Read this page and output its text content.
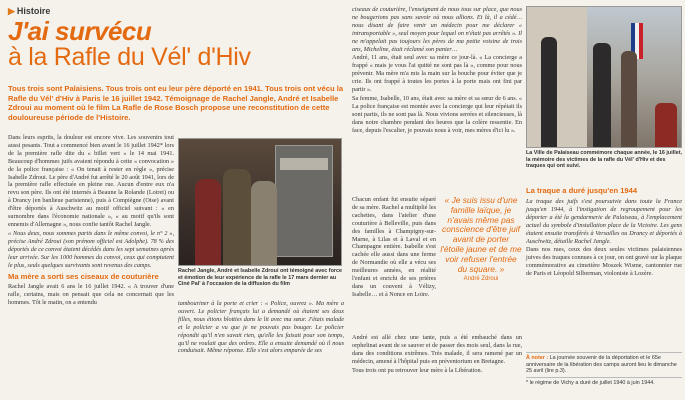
▶ Histoire
J'ai survécu
à la Rafle du Vél' d'Hiv
Tous trois sont Palaisiens. Tous trois ont eu leur père déporté en 1941. Tous trois ont vécu la Rafle du Vél' d'Hiv à Paris le 16 juillet 1942. Témoignage de Rachel Jangle, André et Isabelle Zdroui au moment où le film La Rafle de Rose Bosch propose une reconstitution de cette douloureuse période de l'Histoire.

Dans leurs esprits, la douleur est encore vive. Les souvenirs tout aussi pesants. Tout a commencé bien avant le 16 juillet 1942* lors de la première rafle dite du « billet vert » le 14 mai 1941. Beaucoup d'hommes juifs avaient répondu à cette « convocation » de la police française : « On tenait à rester en règle », précise Isabelle Zdroui. Le père d'André fut arrêté le 20 août 1941, lors de la première rafle effectuée en pleine rue. Aucun d'entre eux n'a revu son père. Ils ont été internés à Beaune la Rolande (Loiret) ou à Drancy (en banlieue parisienne), puis à Compiègne (Oise) avant d'être déportés à Auschwitz au motif officiel suivant : « en surnombre dans l'économie nationale », « au motif qu'ils sont ennemis d'Allemagne », nous confie tantôt Rachel Jangle.

« Nous deux, nous sommes partis dans le même convoi, le n° 2 », précise André Zdroui (son prénom officiel est Adolphe). 78 % des déportés de ce convoi étaient décédés dans les sept semaines après leur arrivée. Sur les 1000 hommes du convoi, ceux qui comptaient le plus, seuls quelques survivants sont revenus des camps.

Ma mère a sorti ses ciseaux de couturière

Rachel Jangle avait 6 ans le 16 juillet 1942. « A trouver d'une rafle, certains, mais on pensait que cela ne concernait que les hommes. Tôt le matin, on a entendu

Rachel Jangle, André et Isabelle Zdroui ont témoigné avec force et émotion de leur expérience de la rafle le 17 mars dernier au Ciné Pal' à l'occasion de la diffusion du film
tambouriner à la porte et crier : « Police, ouvrez ». Ma mère a ouvert. Le policier français lui a demandé où étaient ses deux filles, nous étions blotties dans le lit avec ma sœur. J'étais malade et le policier a vu que je ne pouvais pas bouger. Le policier répondit qu'il n'en savait rien, qu'elle les faisait pour son temps, qu'il ne voulait que des ordres. Elle a ensuite demandé où il nous conduisait. Même réponse. Elle s'est alors emparée de ses

ciseaux de couturière, l'enseignant de nous tous sur place, que nous ne bougerions pas sans savoir où nous allions. Et là, il a cédé… nous disant de faire venir un médecin pour me déclarer « intransportable », seul moyen pour lequel on n'était pas arrêtés ». Il ne m'appelait pas toujours les pères de ma petite voisine de trois ans, Micheline, était réclamé son panier…

André, 11 ans, était seul avec sa mère ce jour-là. « La concierge a frappé « mais je vous l'ai quitté ne sont pas là », comme pour nous prévenir. Ma mère m'a mis la main sur la bouche pour éviter que je crie. Ils ont frappé à toutes les portes à la porte mais ont fini par partir ».

Sa femme, Isabelle, 10 ans, était avec sa mère et sa sœur de 6 ans. « La police française est montée avec la concierge qui leur répétait ils sont partis, ils ne sont pas là. Nous vivions serrées et silencieuses, là dans notre chambre pendant des heures que la colère ressentie. En face, depuis l'escalier, je pouvais nous à voir, mes mères d'ici lu ».

Chacun enfant fut ensuite séparé de sa mère. Rachel a multiplié les cachettes, dans l'atelier d'une couturière à Belleville, puis dans des familles à Champigny-sur-Marne, à Lilas et à Laval et en Champagne entière. Isabelle s'est cachée elle aussi dans une ferme de Normandie où elle a vécu ses meilleures années, en réalité l'enfant et enrichi de ses prières dans un couvent à Vélizy, Isabelle… et à Nonce en Loire.

André est allé chez une tante, puis a été embauché dans un orphelinat avant de se sauver et de passer des mois seul, dans la rue, dans des conditions extrêmes. Très malade, il sera ramené par un médecin, amené à l'hôpital puis en préventorium en Bretagne.

Tous trois ont pu retrouver leur mère à la Libération.

« Je suis issu d'une famille laïque, je n'avais même pas conscience d'être juif avant de porter l'étoile jaune et de me voir refuser l'entrée du square. »
André Zdroui
La Ville de Palaiseau commémore chaque année, le 16 juillet, la mémoire des victimes de la rafle du Vél' d'Hiv et des traques qui ont suivi.
La traque a duré jusqu'en 1944

La traque des juifs s'est poursuivie dans toute la France jusqu'en 1944, à l'instigation de regroupement pour les déporter a été la gendarmerie de Palaiseau, à l'emplacement actuel du symbole d'installation place de la Victoire. Les gens étaient ensuite transférés à Versailles ou Drancy et déportés à Auschwitz, détaille Rachel Jangle.

Dans nos rues, ceux des deux seules victimes palaisiennes juives des traques connues à ce jour, on ont gravé sur la plaque commémorative au cimetière Moszek Wisme, cantonnier rue de Paris et Léopold Silberman, violoniste à Lozère.

À noter : La journée souvenir de la déportation et le 65e anniversaire de la libération des camps auront lieu le dimanche 25 avril (lire p.3).
* le régime de Vichy a duré de juillet 1940 à juin 1944.
